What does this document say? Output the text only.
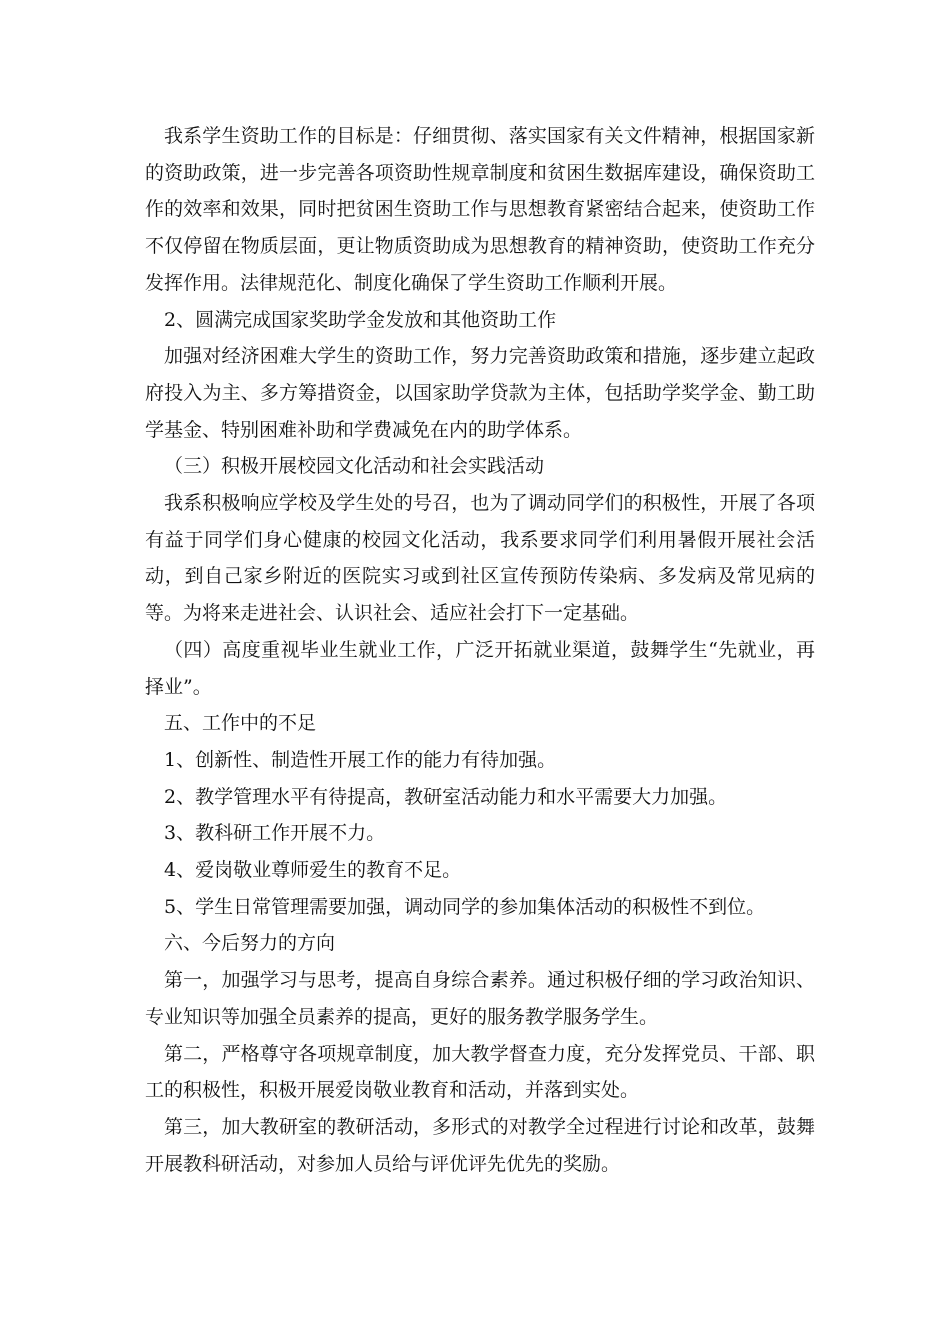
我系学生资助工作的目标是：仔细贯彻、落实国家有关文件精神，根据国家新的资助政策，进一步完善各项资助性规章制度和贫困生数据库建设，确保资助工作的效率和效果，同时把贫困生资助工作与思想教育紧密结合起来，使资助工作不仅停留在物质层面，更让物质资助成为思想教育的精神资助，使资助工作充分发挥作用。法律规范化、制度化确保了学生资助工作顺利开展。

2、圆满完成国家奖助学金发放和其他资助工作

加强对经济困难大学生的资助工作，努力完善资助政策和措施，逐步建立起政府投入为主、多方筹措资金，以国家助学贷款为主体，包括助学奖学金、勤工助学基金、特别困难补助和学费减免在内的助学体系。

（三）积极开展校园文化活动和社会实践活动

我系积极响应学校及学生处的号召，也为了调动同学们的积极性，开展了各项有益于同学们身心健康的校园文化活动，我系要求同学们利用暑假开展社会活动，到自己家乡附近的医院实习或到社区宣传预防传染病、多发病及常见病的等。为将来走进社会、认识社会、适应社会打下一定基础。

（四）高度重视毕业生就业工作，广泛开拓就业渠道，鼓舞学生“先就业，再择业”。

五、工作中的不足

1、创新性、制造性开展工作的能力有待加强。

2、教学管理水平有待提高，教研室活动能力和水平需要大力加强。

3、教科研工作开展不力。

4、爱岗敬业尊师爱生的教育不足。

5、学生日常管理需要加强，调动同学的参加集体活动的积极性不到位。

六、今后努力的方向

第一，加强学习与思考，提高自身综合素养。通过积极仔细的学习政治知识、专业知识等加强全员素养的提高，更好的服务教学服务学生。

第二，严格尊守各项规章制度，加大教学督查力度，充分发挥党员、干部、职工的积极性，积极开展爱岗敬业教育和活动，并落到实处。

第三，加大教研室的教研活动，多形式的对教学全过程进行讨论和改革，鼓舞开展教科研活动，对参加人员给与评优评先优先的奖励。
